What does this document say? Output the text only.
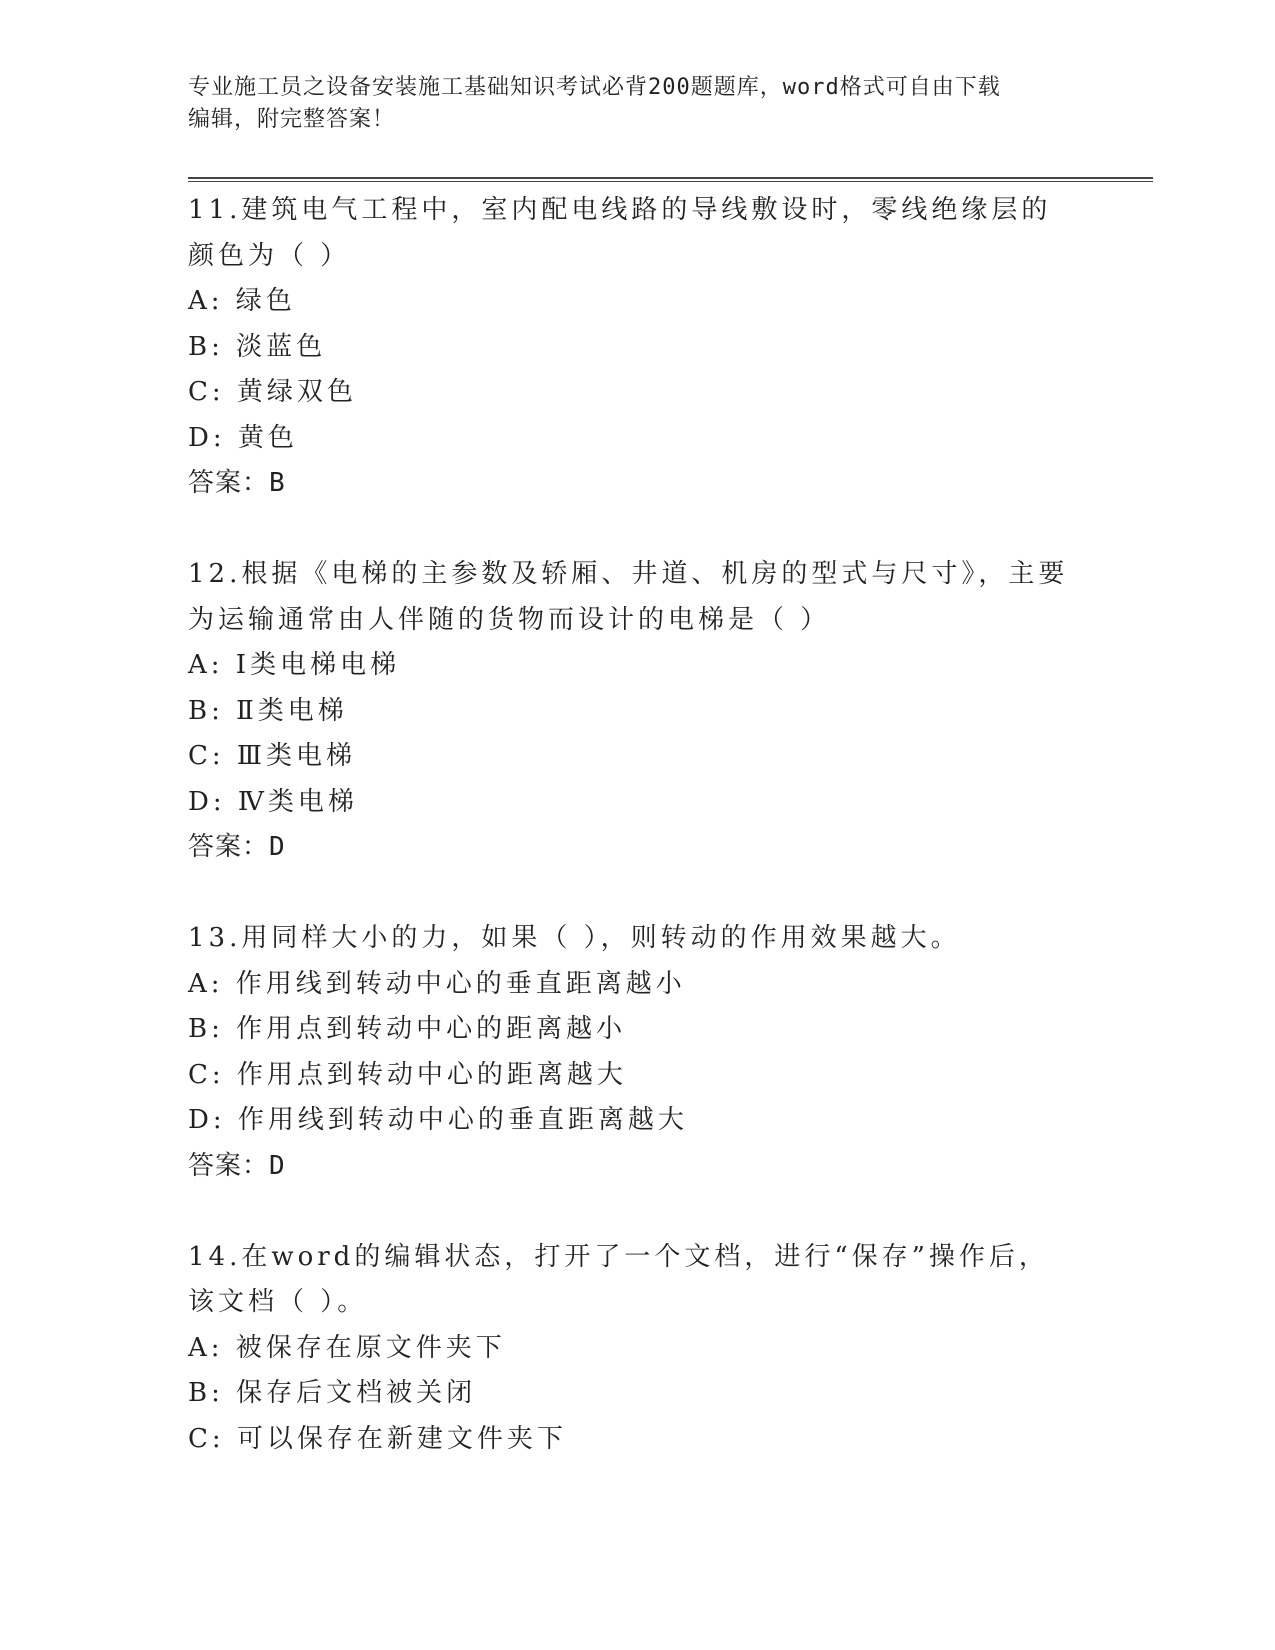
专业施工员之设备安装施工基础知识考试必背200题题库，word格式可自由下载
编辑，附完整答案！

11.建筑电气工程中，室内配电线路的导线敷设时，零线绝缘层的颜色为（ ）

A: 绿色

B: 淡蓝色

C: 黄绿双色

D: 黄色

答案：B

12.根据《电梯的主参数及轿厢、井道、机房的型式与尺寸》，主要为运输通常由人伴随的货物而设计的电梯是（ ）

A: Ⅰ类电梯电梯

B: Ⅱ类电梯

C: Ⅲ类电梯

D: Ⅳ类电梯

答案：D

13.用同样大小的力，如果（ ），则转动的作用效果越大。

A: 作用线到转动中心的垂直距离越小

B: 作用点到转动中心的距离越小

C: 作用点到转动中心的距离越大

D: 作用线到转动中心的垂直距离越大

答案：D

14.在word的编辑状态，打开了一个文档，进行“保存”操作后，该文档（ ）。

A: 被保存在原文件夹下

B: 保存后文档被关闭

C: 可以保存在新建文件夹下
